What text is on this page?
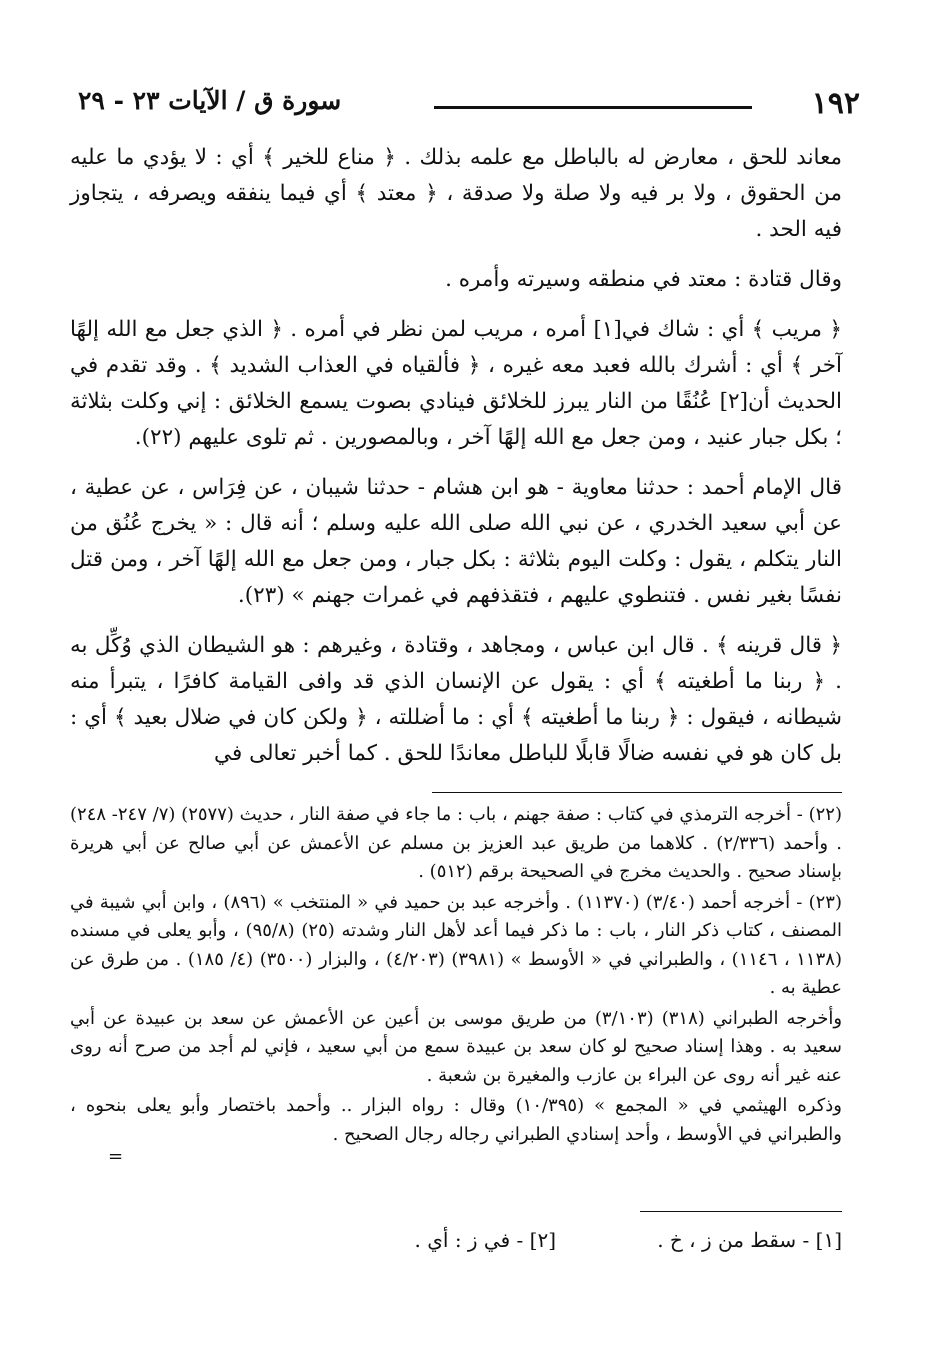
١٩٢
سورة ق / الآيات ٢٣ - ٢٩

معاند للحق ، معارض له بالباطل مع علمه بذلك . ﴿ مناع للخير ﴾ أي : لا يؤدي ما عليه من الحقوق ، ولا بر فيه ولا صلة ولا صدقة ، ﴿ معتد ﴾ أي فيما ينفقه ويصرفه ، يتجاوز فيه الحد .

وقال قتادة : معتد في منطقه وسيرته وأمره .

﴿ مريب ﴾ أي : شاك في[١] أمره ، مريب لمن نظر في أمره . ﴿ الذي جعل مع الله إلهًا آخر ﴾ أي : أشرك بالله فعبد معه غيره ، ﴿ فألقياه في العذاب الشديد ﴾ . وقد تقدم في الحديث أن[٢] عُنُقًا من النار يبرز للخلائق فينادي بصوت يسمع الخلائق : إني وكلت بثلاثة ؛ بكل جبار عنيد ، ومن جعل مع الله إلهًا آخر ، وبالمصورين . ثم تلوى عليهم (٢٢).

قال الإمام أحمد : حدثنا معاوية - هو ابن هشام - حدثنا شيبان ، عن فِرَاس ، عن عطية ، عن أبي سعيد الخدري ، عن نبي الله صلى الله عليه وسلم ؛ أنه قال : « يخرج عُنُق من النار يتكلم ، يقول : وكلت اليوم بثلاثة : بكل جبار ، ومن جعل مع الله إلهًا آخر ، ومن قتل نفسًا بغير نفس . فتنطوي عليهم ، فتقذفهم في غمرات جهنم » (٢٣).

﴿ قال قرينه ﴾ . قال ابن عباس ، ومجاهد ، وقتادة ، وغيرهم : هو الشيطان الذي وُكِّل به . ﴿ ربنا ما أطغيته ﴾ أي : يقول عن الإنسان الذي قد وافى القيامة كافرًا ، يتبرأ منه شيطانه ، فيقول : ﴿ ربنا ما أطغيته ﴾ أي : ما أضللته ، ﴿ ولكن كان في ضلال بعيد ﴾ أي : بل كان هو في نفسه ضالًا قابلًا للباطل معاندًا للحق . كما أخبر تعالى في

(٢٢) - أخرجه الترمذي في كتاب : صفة جهنم ، باب : ما جاء في صفة النار ، حديث (٢٥٧٧) (٧/ ٢٤٧- ٢٤٨) . وأحمد (٢/٣٣٦) . كلاهما من طريق عبد العزيز بن مسلم عن الأعمش عن أبي صالح عن أبي هريرة بإسناد صحيح . والحديث مخرج في الصحيحة برقم (٥١٢) .

(٢٣) - أخرجه أحمد (٣/٤٠) (١١٣٧٠) . وأخرجه عبد بن حميد في « المنتخب » (٨٩٦) ، وابن أبي شيبة في المصنف ، كتاب ذكر النار ، باب : ما ذكر فيما أعد لأهل النار وشدته (٢٥) (٩٥/٨) ، وأبو يعلى في مسنده (١١٣٨ ، ١١٤٦) ، والطبراني في « الأوسط » (٣٩٨١) (٤/٢٠٣) ، والبزار (٣٥٠٠) (٤/ ١٨٥) . من طرق عن عطية به .

وأخرجه الطبراني (٣١٨) (٣/١٠٣) من طريق موسى بن أعين عن الأعمش عن سعد بن عبيدة عن أبي سعيد به . وهذا إسناد صحيح لو كان سعد بن عبيدة سمع من أبي سعيد ، فإني لم أجد من صرح أنه روى عنه غير أنه روى عن البراء بن عازب والمغيرة بن شعبة .

وذكره الهيثمي في « المجمع » (١٠/٣٩٥) وقال : رواه البزار .. وأحمد باختصار وأبو يعلى بنحوه ، والطبراني في الأوسط ، وأحد إسنادي الطبراني رجاله رجال الصحيح .

=

[١] - سقط من ز ، خ .
[٢] - في ز : أي .
